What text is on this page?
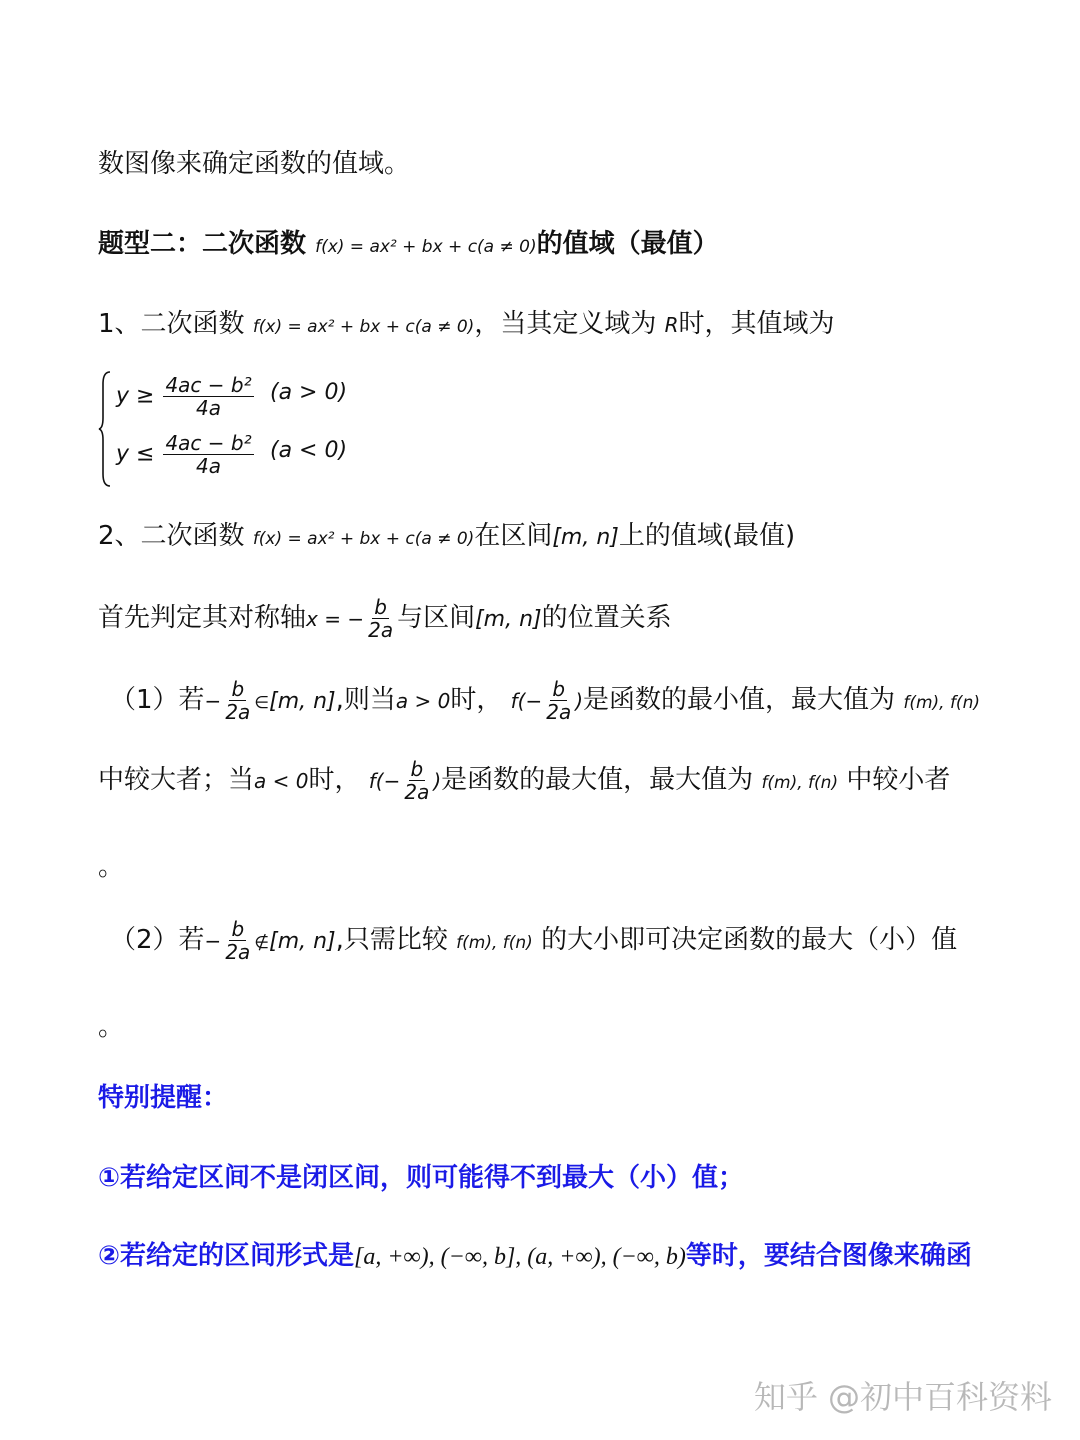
数图像来确定函数的值域。
题型二：二次函数 f(x) = ax² + bx + c(a ≠ 0)的值域（最值）
1、二次函数 f(x) = ax² + bx + c(a ≠ 0)，当其定义域为 R时，其值域为
$y \ge \frac{\text{4ac − b²}}{4a} (a > 0)$
$y \le \frac{\text{4ac − b²}}{4a} (a < 0)$
2、二次函数 f(x) = ax² + bx + c(a ≠ 0)在区间[m, n]上的值域(最值)
首先判定其对称轴x = − $\frac{b}{2a}$ 与区间[m, n]的位置关系
（1）若− $\frac{b}{2a}$ ∈[m, n],则当a > 0时， $f(- \frac{b}{2a}$ )是函数的最小值，最大值为 f(m), f(n)
中较大者；当a < 0时， $f(- \frac{b}{2a}$ )是函数的最大值，最大值为 f(m), f(n) 中较小者
。
（2）若− $\frac{b}{2a}$ ∉[m, n],只需比较 f(m), f(n) 的大小即可决定函数的最大（小）值
。
特别提醒：
①若给定区间不是闭区间，则可能得不到最大（小）值；
②若给定的区间形式是[a, +∞), (−∞, b], (a, +∞), (−∞, b)等时，要结合图像来确函
知乎 @初中百科资料
